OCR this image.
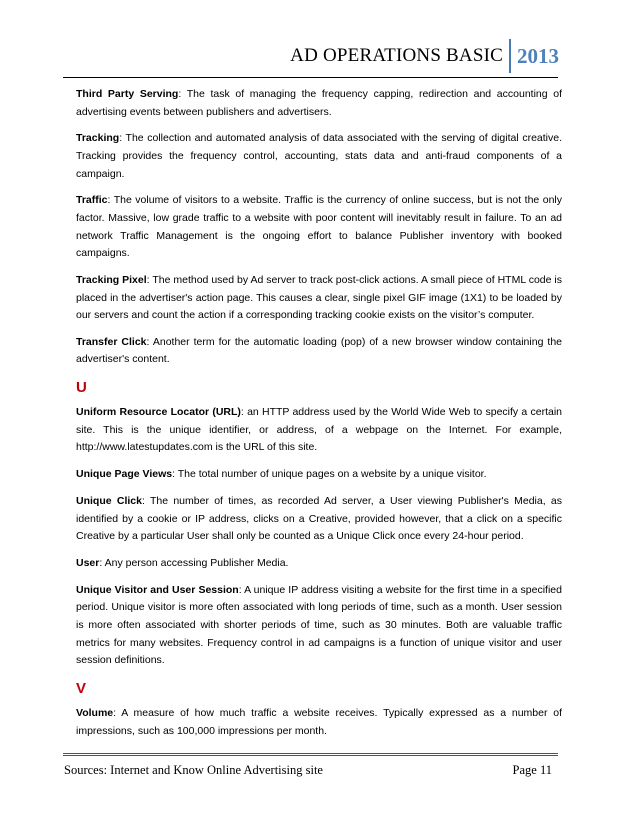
AD OPERATIONS BASIC 2013

Third Party Serving: The task of managing the frequency capping, redirection and accounting of advertising events between publishers and advertisers.

Tracking: The collection and automated analysis of data associated with the serving of digital creative. Tracking provides the frequency control, accounting, stats data and anti-fraud components of a campaign.

Traffic: The volume of visitors to a website. Traffic is the currency of online success, but is not the only factor. Massive, low grade traffic to a website with poor content will inevitably result in failure. To an ad network Traffic Management is the ongoing effort to balance Publisher inventory with booked campaigns.

Tracking Pixel: The method used by Ad server to track post-click actions. A small piece of HTML code is placed in the advertiser's action page. This causes a clear, single pixel GIF image (1X1) to be loaded by our servers and count the action if a corresponding tracking cookie exists on the visitor’s computer.

Transfer Click: Another term for the automatic loading (pop) of a new browser window containing the advertiser's content.

U

Uniform Resource Locator (URL): an HTTP address used by the World Wide Web to specify a certain site. This is the unique identifier, or address, of a webpage on the Internet. For example, http://www.latestupdates.com is the URL of this site.

Unique Page Views: The total number of unique pages on a website by a unique visitor.

Unique Click: The number of times, as recorded Ad server, a User viewing Publisher's Media, as identified by a cookie or IP address, clicks on a Creative, provided however, that a click on a specific Creative by a particular User shall only be counted as a Unique Click once every 24-hour period.

User: Any person accessing Publisher Media.

Unique Visitor and User Session: A unique IP address visiting a website for the first time in a specified period. Unique visitor is more often associated with long periods of time, such as a month. User session is more often associated with shorter periods of time, such as 30 minutes. Both are valuable traffic metrics for many websites. Frequency control in ad campaigns is a function of unique visitor and user session definitions.

V

Volume: A measure of how much traffic a website receives. Typically expressed as a number of impressions, such as 100,000 impressions per month.

Sources: Internet and Know Online Advertising site	Page 11
